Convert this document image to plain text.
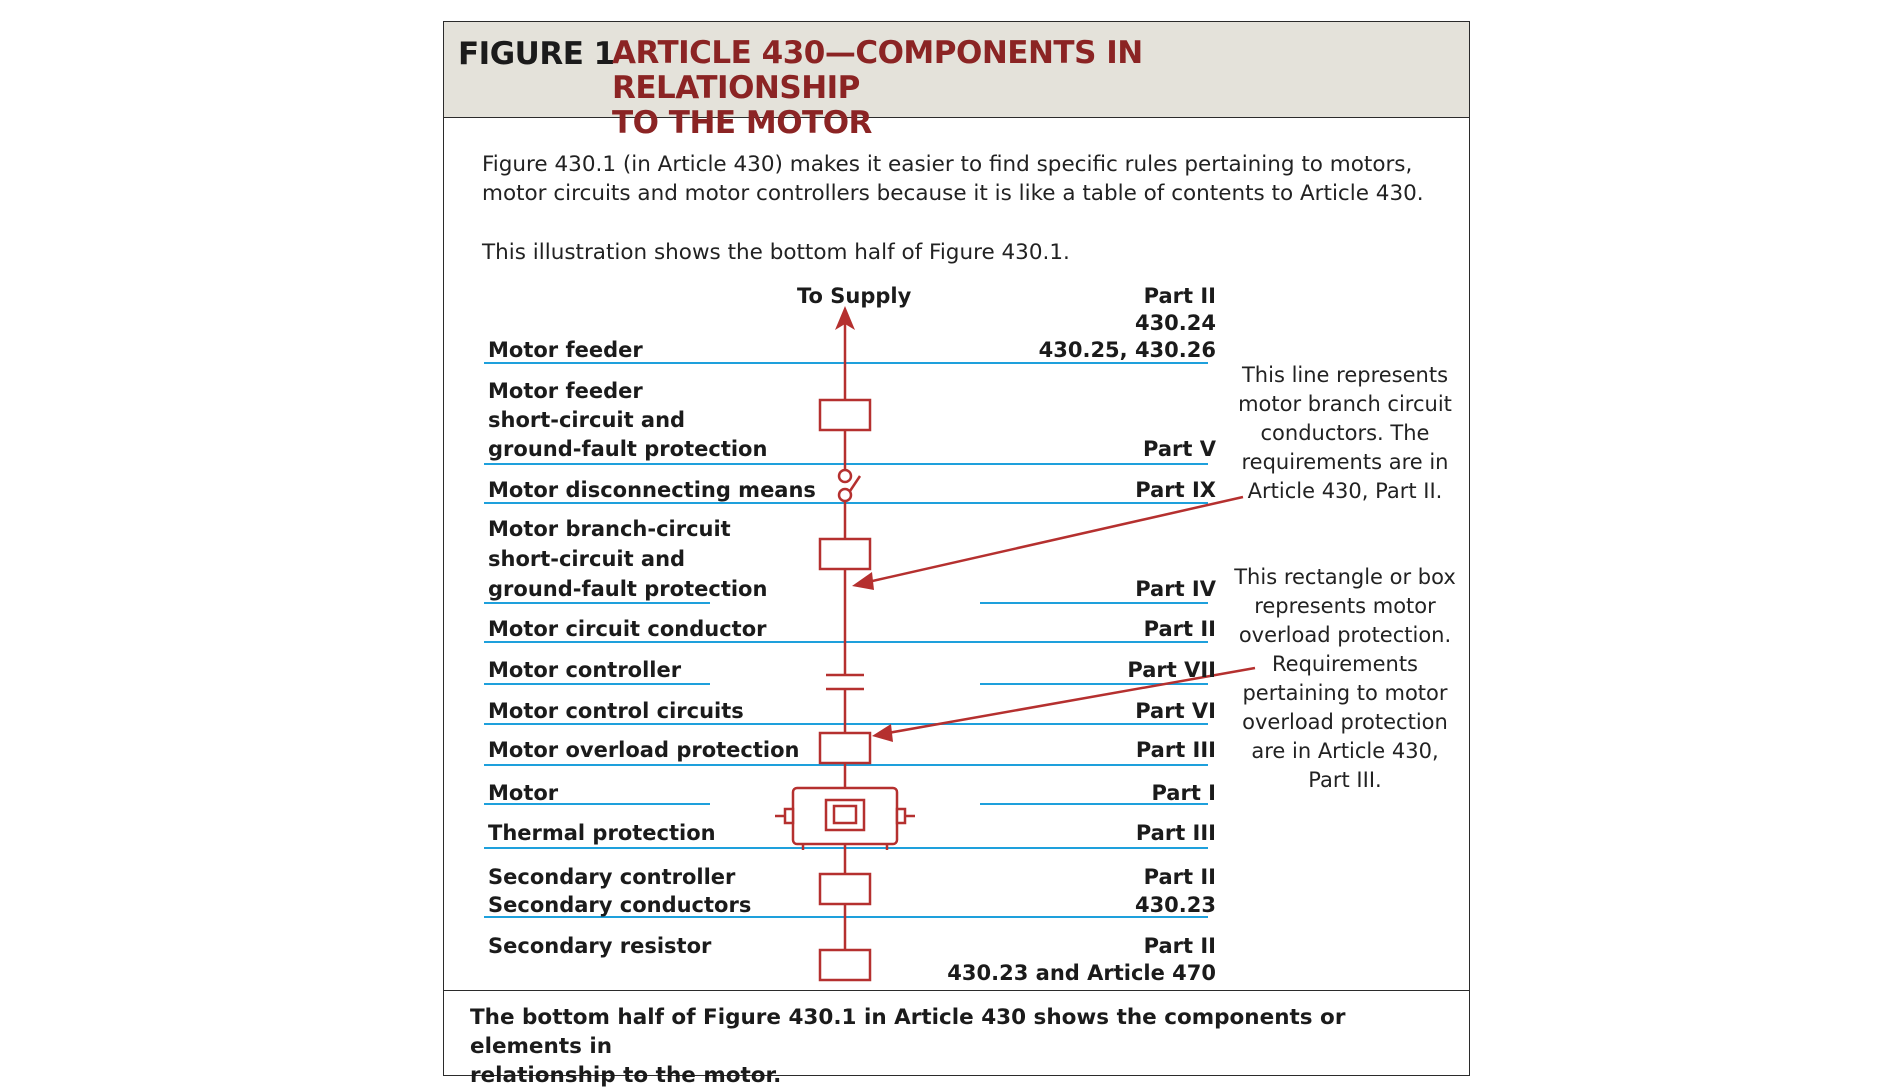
FIGURE 1
ARTICLE 430—COMPONENTS IN RELATIONSHIP
TO THE MOTOR
Figure 430.1 (in Article 430) makes it easier to find specific rules pertaining to motors,
motor circuits and motor controllers because it is like a table of contents to Article 430.
This illustration shows the bottom half of Figure 430.1.
The bottom half of Figure 430.1 in Article 430 shows the components or elements in
relationship to the motor.
To Supply	Part II
430.24
430.25, 430.26
Motor feeder
Motor feeder
short-circuit and
ground-fault protection
Motor disconnecting means
Motor branch-circuit
short-circuit and
ground-fault protection
Motor circuit conductor
Motor controller
Motor control circuits
Motor overload protection
Motor
Thermal protection
Secondary controller
Secondary conductors
Secondary resistor
Part V
Part IX
Part IV
Part II
Part VII
Part VI
Part III
Part I
Part III
Part II
430.23
Part II
430.23 and Article 470
This line represents
motor branch circuit
conductors. The
requirements are in
Article 430, Part II.
This rectangle or box
represents motor
overload protection.
Requirements
pertaining to motor
overload protection
are in Article 430,
Part III.
